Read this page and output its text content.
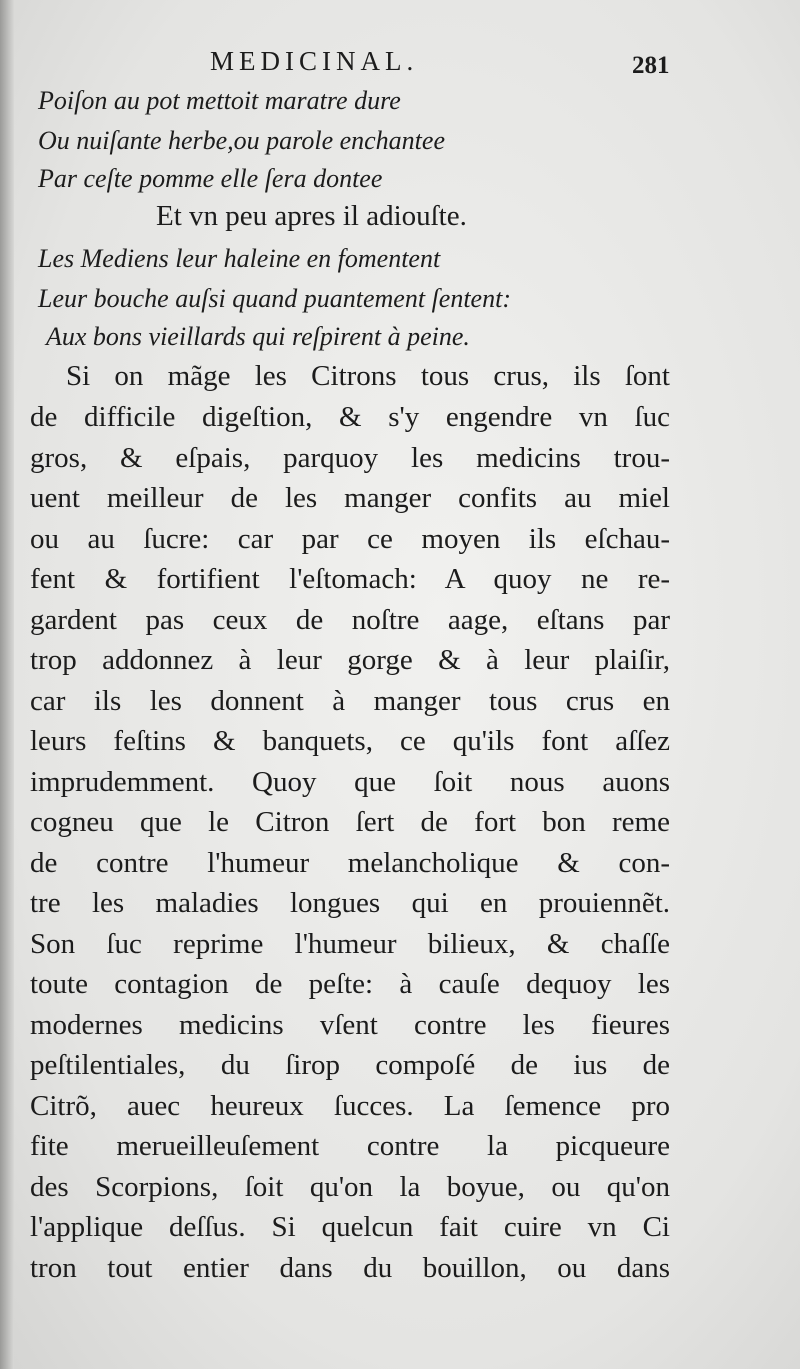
MEDICINAL.	281

Poiſon au pot mettoit maratre dure

Ou nuiſante herbe,ou parole enchantee

Par ceſte pomme elle ſera dontee

Et vn peu apres il adiouſte.

Les Mediens leur haleine en fomentent

Leur bouche auſsi quand puantement ſentent:

Aux bons vieillards qui reſpirent à peine.

Si on mãge les Citrons tous crus, ils ſont

de difficile digeſtion, & s'y engendre vn ſuc

gros, & eſpais, parquoy les medicins trou-

uent meilleur de les manger confits au miel

ou au ſucre: car par ce moyen ils eſchau-

fent & fortifient l'eſtomach: A quoy ne re-

gardent pas ceux de noſtre aage, eſtans par

trop addonnez à leur gorge & à leur plaiſir,

car ils les donnent à manger tous crus en

leurs feſtins & banquets, ce qu'ils font aſſez

imprudemment. Quoy que ſoit nous auons

cogneu que le Citron ſert de fort bon reme

de contre l'humeur melancholique & con-

tre les maladies longues qui en prouiennẽt.

Son ſuc reprime l'humeur bilieux, & chaſſe

toute contagion de peſte: à cauſe dequoy les

modernes medicins vſent contre les fieures

peſtilentiales, du ſirop compoſé de ius de

Citrõ, auec heureux ſucces. La ſemence pro

fite merueilleuſement contre la picqueure

des Scorpions, ſoit qu'on la boyue, ou qu'on

l'applique deſſus. Si quelcun fait cuire vn Ci

tron tout entier dans du bouillon, ou dans
